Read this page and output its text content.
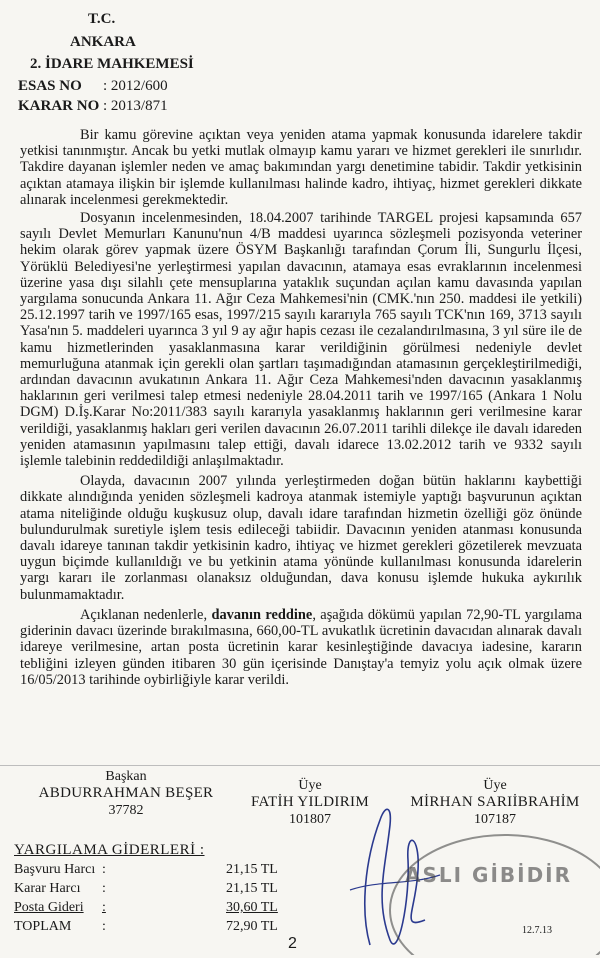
T.C.
ANKARA
2. İDARE MAHKEMESİ
ESAS NO : 2012/600
KARAR NO : 2013/871

Bir kamu görevine açıktan veya yeniden atama yapmak konusunda idarelere takdir yetkisi tanınmıştır. Ancak bu yetki mutlak olmayıp kamu yararı ve hizmet gerekleri ile sınırlıdır. Takdire dayanan işlemler neden ve amaç bakımından yargı denetimine tabidir. Takdir yetkisinin açıktan atamaya ilişkin bir işlemde kullanılması halinde kadro, ihtiyaç, hizmet gerekleri dikkate alınarak incelenmesi gerekmektedir.

Dosyanın incelenmesinden, 18.04.2007 tarihinde TARGEL projesi kapsamında 657 sayılı Devlet Memurları Kanunu'nun 4/B maddesi uyarınca sözleşmeli pozisyonda veteriner hekim olarak görev yapmak üzere ÖSYM Başkanlığı tarafından Çorum İli, Sungurlu İlçesi, Yörüklü Belediyesi'ne yerleştirmesi yapılan davacının, atamaya esas evraklarının incelenmesi üzerine yasa dışı silahlı çete mensuplarına yataklık suçundan açılan kamu davasında yapılan yargılama sonucunda Ankara 11. Ağır Ceza Mahkemesi'nin (CMK.'nın 250. maddesi ile yetkili) 25.12.1997 tarih ve 1997/165 esas, 1997/215 sayılı kararıyla 765 sayılı TCK'nın 169, 3713 sayılı Yasa'nın 5. maddeleri uyarınca 3 yıl 9 ay ağır hapis cezası ile cezalandırılmasına, 3 yıl süre ile de kamu hizmetlerinden yasaklanmasına karar verildiğinin görülmesi nedeniyle devlet memurluğuna atanmak için gerekli olan şartları taşımadığından atamasının gerçekleştirilmediği, ardından davacının avukatının Ankara 11. Ağır Ceza Mahkemesi'nden davacının yasaklanmış haklarının geri verilmesi talep etmesi nedeniyle 28.04.2011 tarih ve 1997/165 (Ankara 1 Nolu DGM) D.İş.Karar No:2011/383 sayılı kararıyla yasaklanmış haklarının geri verilmesine karar verildiği, yasaklanmış hakları geri verilen davacının 26.07.2011 tarihli dilekçe ile davalı idareden yeniden atamasının yapılmasını talep ettiği, davalı idarece 13.02.2012 tarih ve 9332 sayılı işlemle talebinin reddedildiği anlaşılmaktadır.

Olayda, davacının 2007 yılında yerleştirmeden doğan bütün haklarını kaybettiği dikkate alındığında yeniden sözleşmeli kadroya atanmak istemiyle yaptığı başvurunun açıktan atama niteliğinde olduğu kuşkusuz olup, davalı idare tarafından hizmetin özelliği göz önünde bulundurulmak suretiyle işlem tesis edileceği tabiidir. Davacının yeniden atanması konusunda davalı idareye tanınan takdir yetkisinin kadro, ihtiyaç ve hizmet gerekleri gözetilerek mevzuata uygun biçimde kullanıldığı ve bu yetkinin atama yönünde kullanılması konusunda idarelerin yargı kararı ile zorlanması olanaksız olduğundan, dava konusu işlemde hukuka aykırılık bulunmamaktadır.

Açıklanan nedenlerle, davanın reddine, aşağıda dökümü yapılan 72,90-TL yargılama giderinin davacı üzerinde bırakılmasına, 660,00-TL avukatlık ücretinin davacıdan alınarak davalı idareye verilmesine, artan posta ücretinin karar kesinleştiğinde davacıya iadesine, kararın tebliğini izleyen günden itibaren 30 gün içerisinde Danıştay'a temyiz yolu açık olmak üzere 16/05/2013 tarihinde oybirliğiyle karar verildi.

Başkan
ABDURRAHMAN BEŞER
37782
Üye
FATİH YILDIRIM
101807
Üye
MİRHAN SARIİBRAHİM
107187
ASLI GİBİDİR
YARGILAMA GİDERLERİ :
Başvuru Harcı :	21,15 TL
Karar Harcı :	21,15 TL
Posta Gideri :	30,60 TL
TOPLAM :	72,90 TL
2
12.7.13
